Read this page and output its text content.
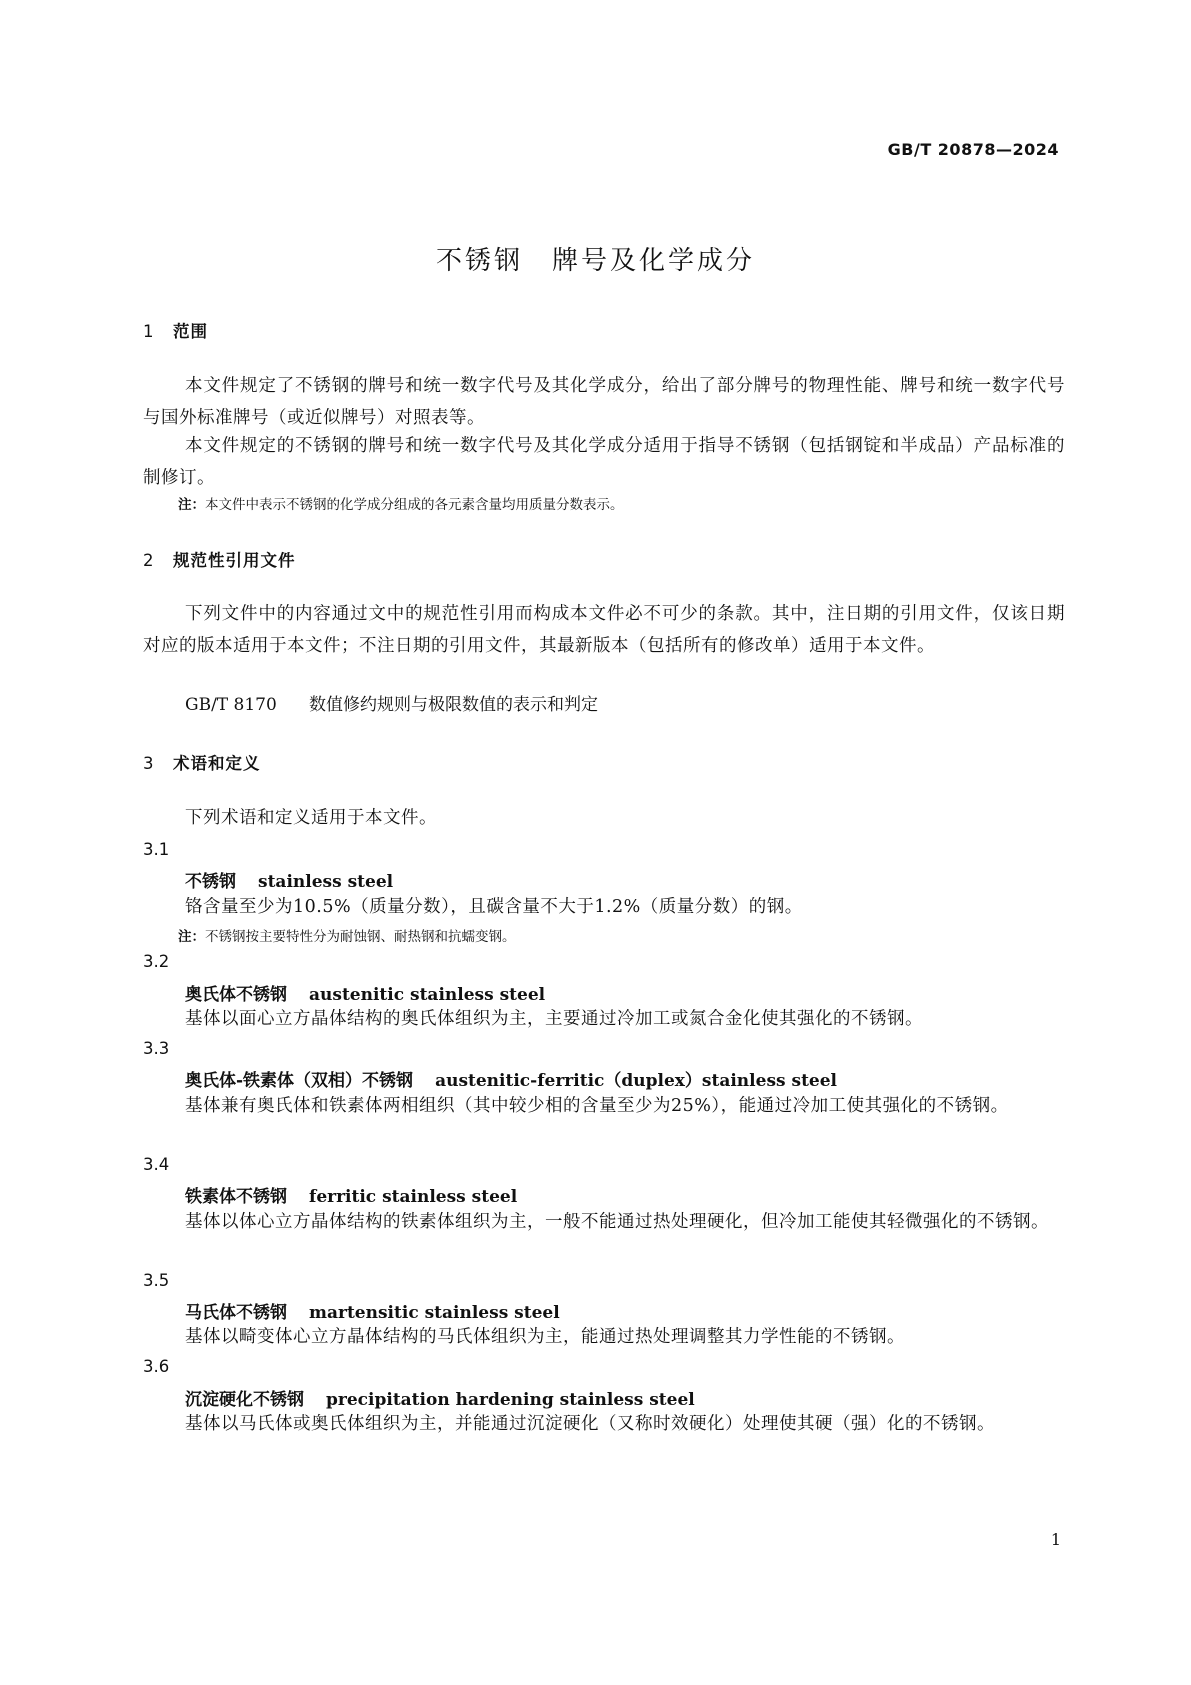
GB/T 20878—2024
不锈钢　牌号及化学成分
1 范围
本文件规定了不锈钢的牌号和统一数字代号及其化学成分，给出了部分牌号的物理性能、牌号和统一数字代号与国外标准牌号（或近似牌号）对照表等。
本文件规定的不锈钢的牌号和统一数字代号及其化学成分适用于指导不锈钢（包括钢锭和半成品）产品标准的制修订。
注：本文件中表示不锈钢的化学成分组成的各元素含量均用质量分数表示。
2 规范性引用文件
下列文件中的内容通过文中的规范性引用而构成本文件必不可少的条款。其中，注日期的引用文件，仅该日期对应的版本适用于本文件；不注日期的引用文件，其最新版本（包括所有的修改单）适用于本文件。
GB/T 8170 数值修约规则与极限数值的表示和判定
3 术语和定义
下列术语和定义适用于本文件。
3.1
不锈钢 stainless steel
铬含量至少为10.5%（质量分数），且碳含量不大于1.2%（质量分数）的钢。
注：不锈钢按主要特性分为耐蚀钢、耐热钢和抗蠕变钢。
3.2
奥氏体不锈钢 austenitic stainless steel
基体以面心立方晶体结构的奥氏体组织为主，主要通过冷加工或氮合金化使其强化的不锈钢。
3.3
奥氏体-铁素体（双相）不锈钢 austenitic-ferritic（duplex）stainless steel
基体兼有奥氏体和铁素体两相组织（其中较少相的含量至少为25%），能通过冷加工使其强化的不锈钢。
3.4
铁素体不锈钢 ferritic stainless steel
基体以体心立方晶体结构的铁素体组织为主，一般不能通过热处理硬化，但冷加工能使其轻微强化的不锈钢。
3.5
马氏体不锈钢 martensitic stainless steel
基体以畸变体心立方晶体结构的马氏体组织为主，能通过热处理调整其力学性能的不锈钢。
3.6
沉淀硬化不锈钢 precipitation hardening stainless steel
基体以马氏体或奥氏体组织为主，并能通过沉淀硬化（又称时效硬化）处理使其硬（强）化的不锈钢。
1
